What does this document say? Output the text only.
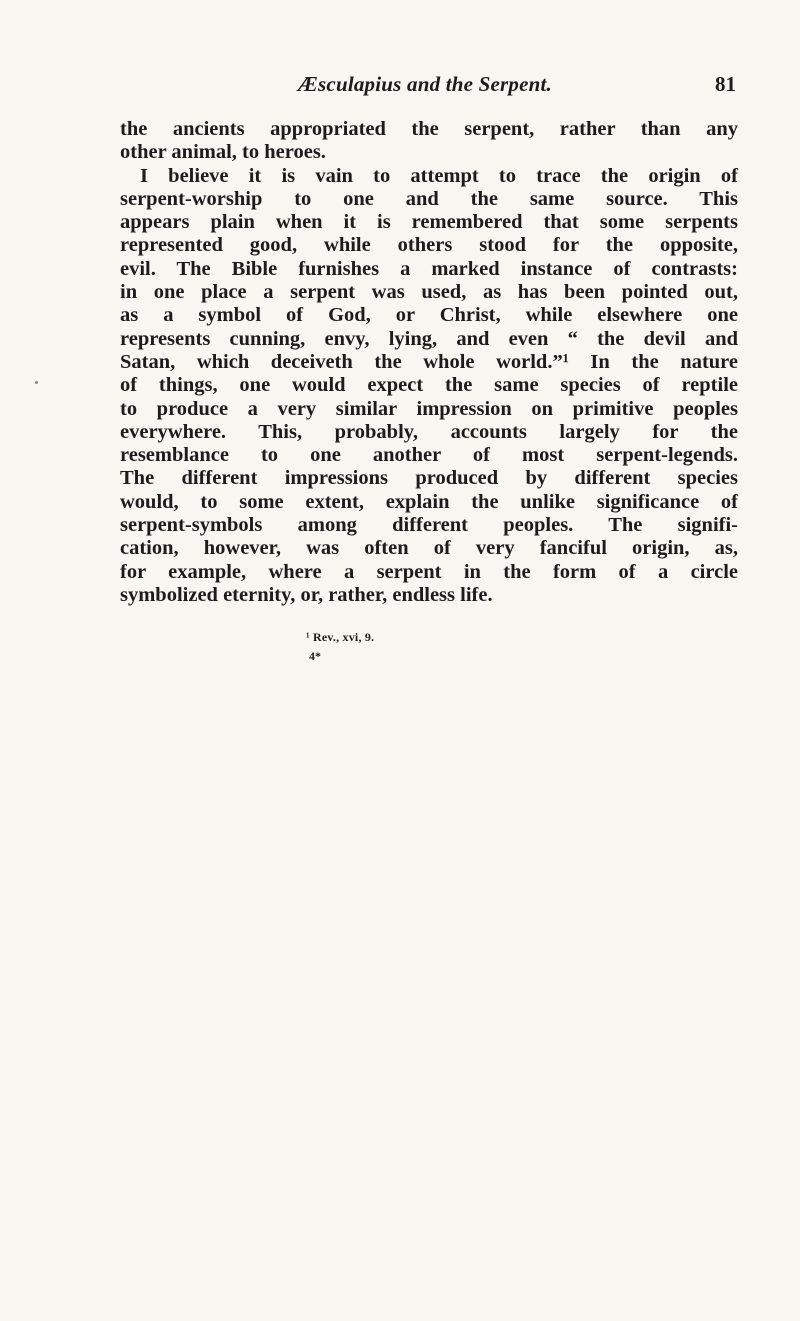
Æsculapius and the Serpent.	81
the ancients appropriated the serpent, rather than any
other animal, to heroes.
I believe it is vain to attempt to trace the origin of
serpent-worship to one and the same source. This
appears plain when it is remembered that some serpents
represented good, while others stood for the opposite,
evil. The Bible furnishes a marked instance of contrasts:
in one place a serpent was used, as has been pointed out,
as a symbol of God, or Christ, while elsewhere one
represents cunning, envy, lying, and even “ the devil and
Satan, which deceiveth the whole world.”¹ In the nature
of things, one would expect the same species of reptile
to produce a very similar impression on primitive peoples
everywhere. This, probably, accounts largely for the
resemblance to one another of most serpent-legends.
The different impressions produced by different species
would, to some extent, explain the unlike significance of
serpent-symbols among different peoples. The signifi-
cation, however, was often of very fanciful origin, as,
for example, where a serpent in the form of a circle
symbolized eternity, or, rather, endless life.
¹ Rev., xvi, 9.
4*
